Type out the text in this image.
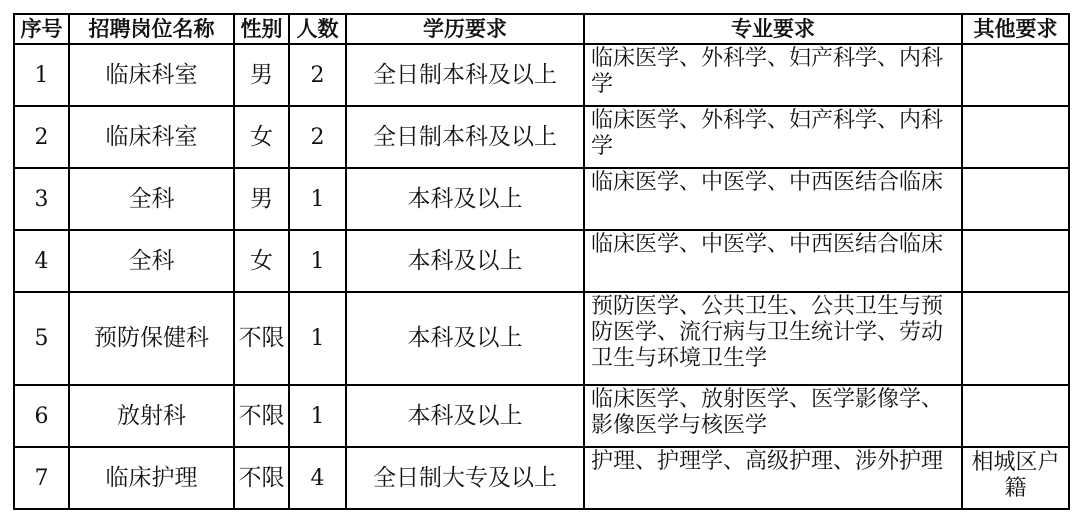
序号	招聘岗位名称	性别	人数	学历要求	专业要求	其他要求
1	临床科室	男	2	全日制本科及以上	临床医学、外科学、妇产科学、内科学	
2	临床科室	女	2	全日制本科及以上	临床医学、外科学、妇产科学、内科学	
3	全科	男	1	本科及以上	临床医学、中医学、中西医结合临床	
4	全科	女	1	本科及以上	临床医学、中医学、中西医结合临床	
5	预防保健科	不限	1	本科及以上	预防医学、公共卫生、公共卫生与预防医学、流行病与卫生统计学、劳动卫生与环境卫生学	
6	放射科	不限	1	本科及以上	临床医学、放射医学、医学影像学、影像医学与核医学	
7	临床护理	不限	4	全日制大专及以上	护理、护理学、高级护理、涉外护理	相城区户籍
